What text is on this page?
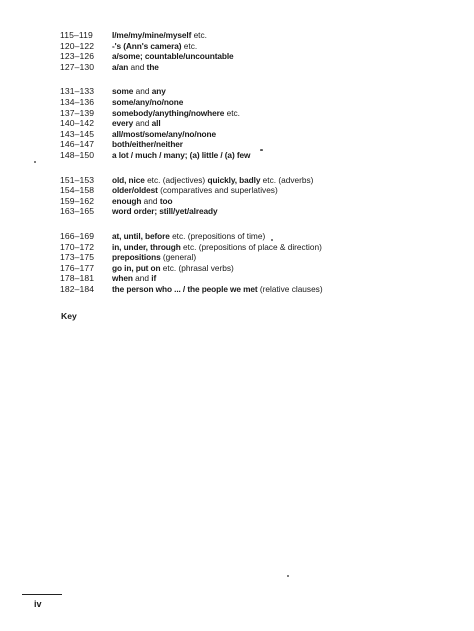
115–119	I/me/my/mine/myself etc.
120–122	-'s (Ann's camera) etc.
123–126	a/some; countable/uncountable
127–130	a/an and the
131–133	some and any
134–136	some/any/no/none
137–139	somebody/anything/nowhere etc.
140–142	every and all
143–145	all/most/some/any/no/none
146–147	both/either/neither
148–150	a lot / much / many; (a) little / (a) few
151–153	old, nice etc. (adjectives) quickly, badly etc. (adverbs)
154–158	older/oldest (comparatives and superlatives)
159–162	enough and too
163–165	word order; still/yet/already
166–169	at, until, before etc. (prepositions of time)
170–172	in, under, through etc. (prepositions of place & direction)
173–175	prepositions (general)
176–177	go in, put on etc. (phrasal verbs)
178–181	when and if
182–184	the person who ... / the people we met (relative clauses)
Key
iv
